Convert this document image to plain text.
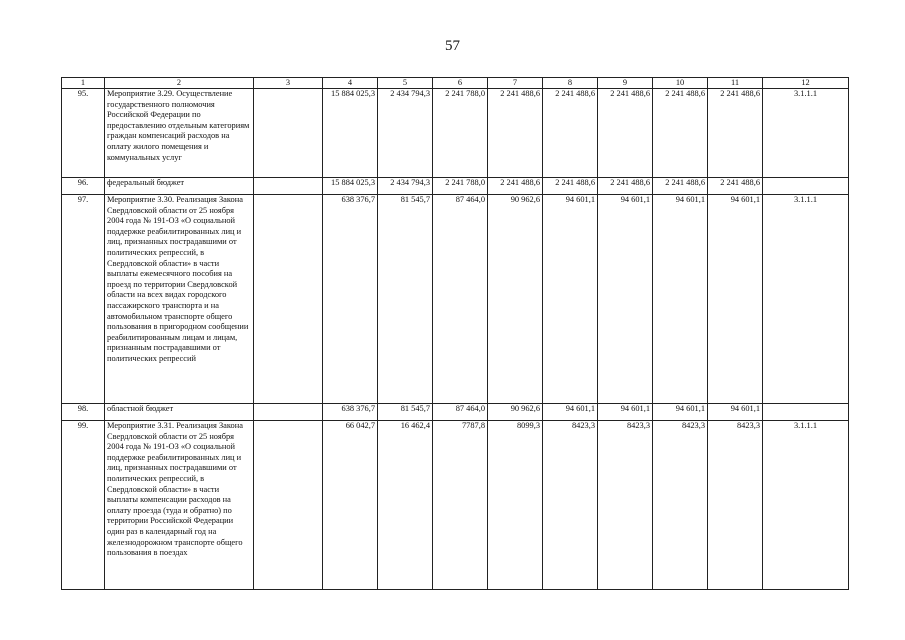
57
1	2	3	4	5	6	7	8	9	10	11	12
95.	Мероприятие 3.29. Осуществление государственного полномочия Российской Федерации по предоставлению отдельным категориям граждан компенсаций расходов на оплату жилого помещения и коммунальных услуг		15 884 025,3	2 434 794,3	2 241 788,0	2 241 488,6	2 241 488,6	2 241 488,6	2 241 488,6	2 241 488,6	3.1.1.1
96.	федеральный бюджет		15 884 025,3	2 434 794,3	2 241 788,0	2 241 488,6	2 241 488,6	2 241 488,6	2 241 488,6	2 241 488,6	
97.	Мероприятие 3.30. Реализация Закона Свердловской области от 25 ноября 2004 года № 191-ОЗ «О социальной поддержке реабилитированных лиц и лиц, признанных пострадавшими от политических репрессий, в Свердловской области» в части выплаты ежемесячного пособия на проезд по территории Свердловской области на всех видах городского пассажирского транспорта и на автомобильном транспорте общего пользования в пригородном сообщении реабилитированным лицам и лицам, признанным пострадавшими от политических репрессий		638 376,7	81 545,7	87 464,0	90 962,6	94 601,1	94 601,1	94 601,1	94 601,1	3.1.1.1
98.	областной бюджет		638 376,7	81 545,7	87 464,0	90 962,6	94 601,1	94 601,1	94 601,1	94 601,1	
99.	Мероприятие 3.31. Реализация Закона Свердловской области от 25 ноября 2004 года № 191-ОЗ «О социальной поддержке реабилитированных лиц и лиц, признанных пострадавшими от политических репрессий, в Свердловской области» в части выплаты компенсации расходов на оплату проезда (туда и обратно) по территории Российской Федерации один раз в календарный год на железнодорожном транспорте общего пользования в поездах		66 042,7	16 462,4	7787,8	8099,3	8423,3	8423,3	8423,3	8423,3	3.1.1.1
